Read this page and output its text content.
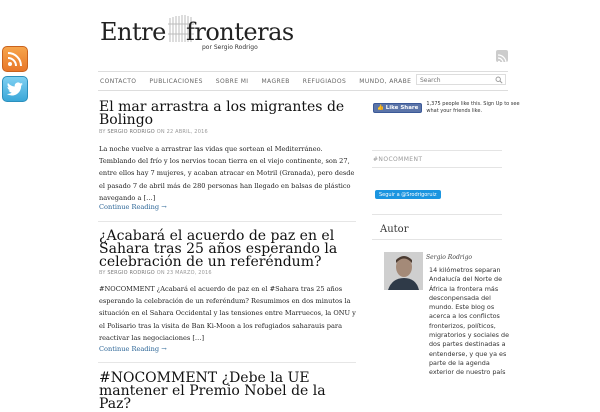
Entre fronteras
por Sergio Rodrigo
CONTACTO PUBLICACIONES SOBRE MI MAGREB REFUGIADOS MUNDO, ARABE
Search
El mar arrastra a los migrantes de Bolingo
BY SERGIO RODRIGO ON 22 ABRIL, 2016
La noche vuelve a arrastrar las vidas que sortean el Mediterráneo.
Temblando del frío y los nervios tocan tierra en el viejo continente, son 27,
entre ellos hay 7 mujeres, y acaban atracar en Motril (Granada), pero desde
el pasado 7 de abril más de 280 personas han llegado en balsas de plástico
navegando a […]
Continue Reading →
¿Acabará el acuerdo de paz en el Sahara tras 25 años esperando la celebración de un referéndum?
BY SERGIO RODRIGO ON 23 MARZO, 2016
#NOCOMMENT ¿Acabará el acuerdo de paz en el #Sahara tras 25 años
esperando la celebración de un referéndum? Resumimos en dos minutos la
situación en el Sahara Occidental y las tensiones entre Marruecos, la ONU y
el Polisario tras la visita de Ban Ki-Moon a los refugiados saharauis para
reactivar las negociaciones […]
Continue Reading →
#NOCOMMENT ¿Debe la UE mantener el Premio Nobel de la Paz?
👍 Like Share
1,375 people like this. Sign Up to see what your friends like.
#NOCOMMENT
Seguir a @Srodrigoruiz
Autor
Sergio Rodrigo
14 kilómetros separan Andalucía del Norte de África la frontera más desconpensada del mundo. Este blog os acerca a los conflictos fronterizos, políticos, migratorios y sociales de dos partes destinadas a entenderse, y que ya es parte de la agenda exterior de nuestro país
